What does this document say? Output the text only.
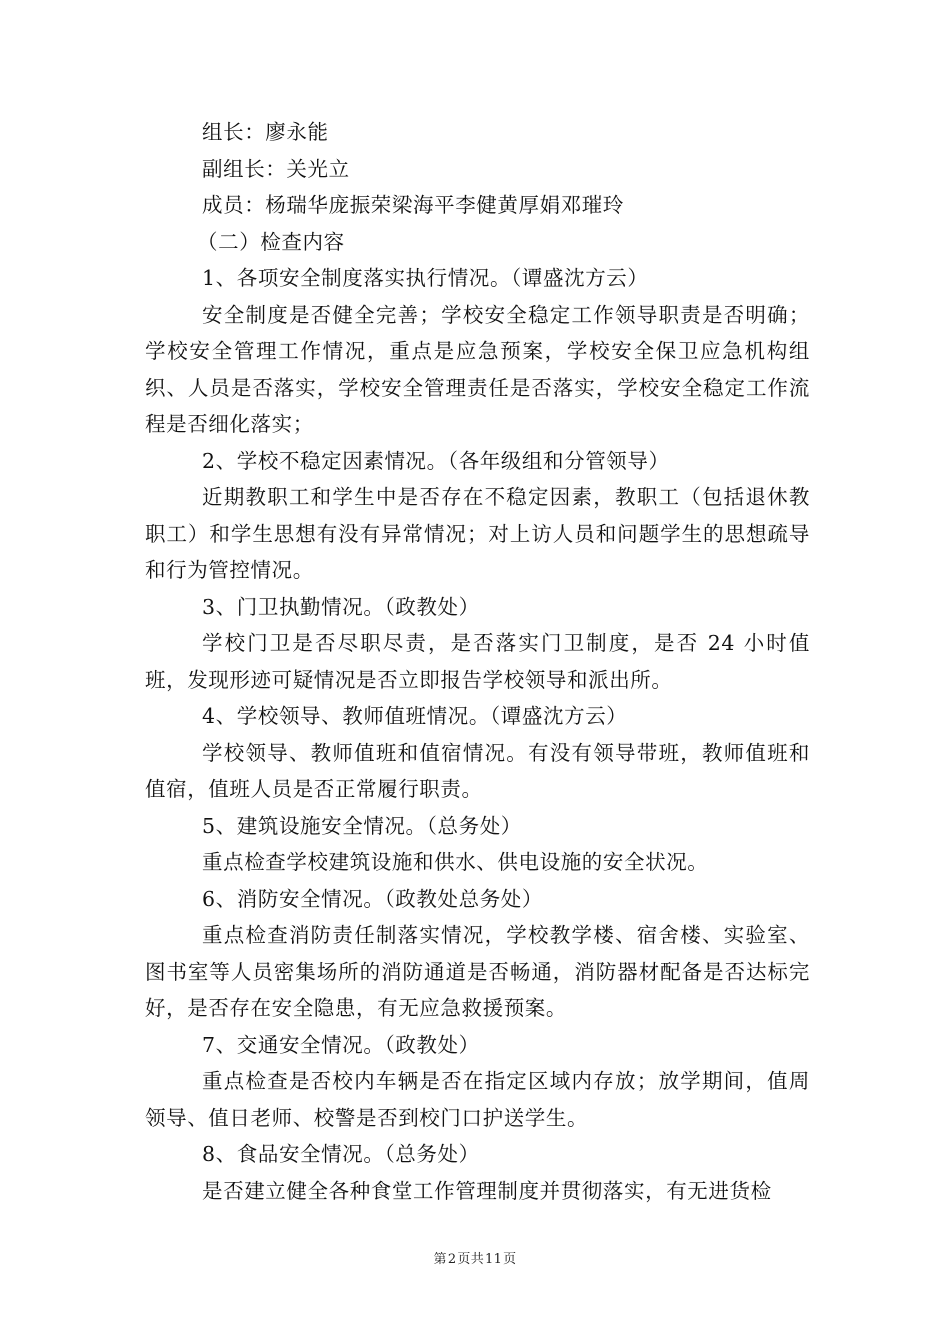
组长：廖永能

副组长：关光立

成员：杨瑞华庞振荣梁海平李健黄厚娟邓璀玲

（二）检查内容

1、各项安全制度落实执行情况。（谭盛沈方云）

安全制度是否健全完善；学校安全稳定工作领导职责是否明确；学校安全管理工作情况，重点是应急预案，学校安全保卫应急机构组织、人员是否落实，学校安全管理责任是否落实，学校安全稳定工作流程是否细化落实；

2、学校不稳定因素情况。（各年级组和分管领导）

近期教职工和学生中是否存在不稳定因素，教职工（包括退休教职工）和学生思想有没有异常情况；对上访人员和问题学生的思想疏导和行为管控情况。

3、门卫执勤情况。（政教处）

学校门卫是否尽职尽责，是否落实门卫制度，是否 24 小时值班，发现形迹可疑情况是否立即报告学校领导和派出所。

4、学校领导、教师值班情况。（谭盛沈方云）

学校领导、教师值班和值宿情况。有没有领导带班，教师值班和值宿，值班人员是否正常履行职责。

5、建筑设施安全情况。（总务处）

重点检查学校建筑设施和供水、供电设施的安全状况。

6、消防安全情况。（政教处总务处）

重点检查消防责任制落实情况，学校教学楼、宿舍楼、实验室、图书室等人员密集场所的消防通道是否畅通，消防器材配备是否达标完好，是否存在安全隐患，有无应急救援预案。

7、交通安全情况。（政教处）

重点检查是否校内车辆是否在指定区域内存放；放学期间，值周领导、值日老师、校警是否到校门口护送学生。

8、食品安全情况。（总务处）

是否建立健全各种食堂工作管理制度并贯彻落实，有无进货检

第2页共11页
